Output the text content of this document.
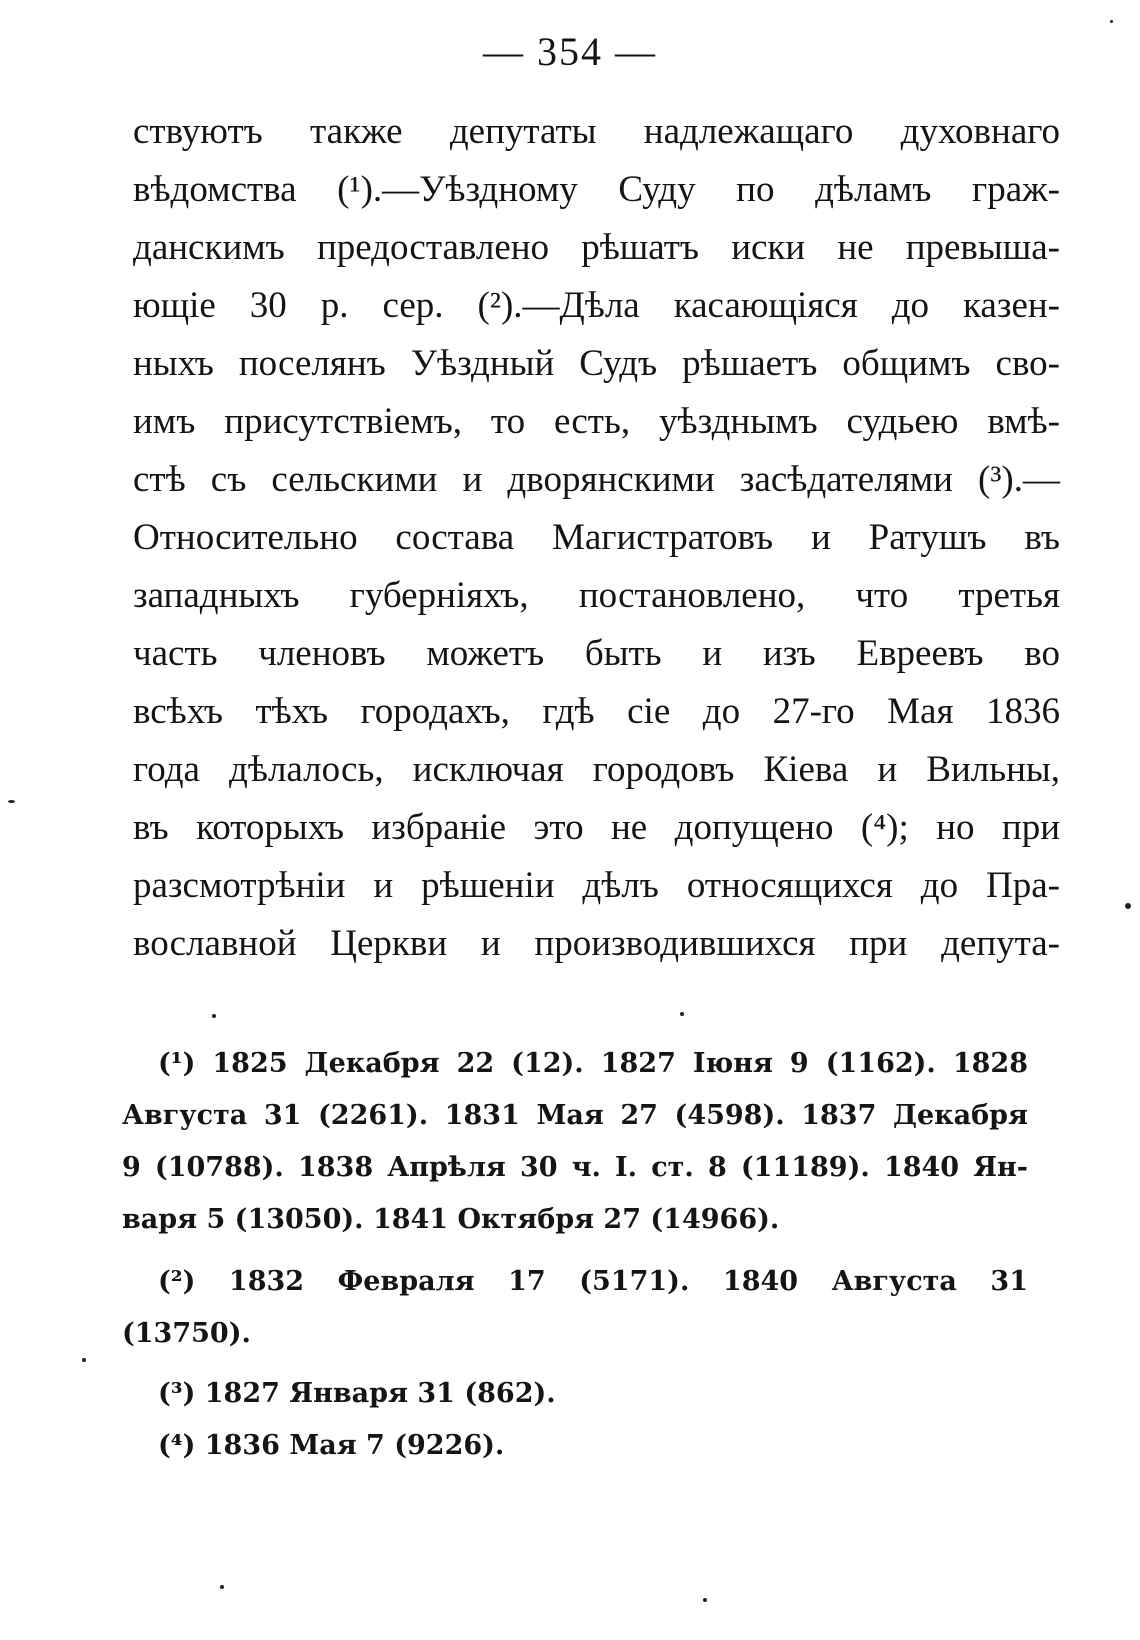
— 354 —
ствуютъ также депутаты надлежащаго духовнаго
вѣдомства (¹).—Уѣздному Суду по дѣламъ граж-
данскимъ предоставлено рѣшатъ иски не превыша-
ющіе 30 р. сер. (²).—Дѣла касающіяся до казен-
ныхъ поселянъ Уѣздный Судъ рѣшаетъ общимъ сво-
имъ присутствіемъ, то есть, уѣзднымъ судьею вмѣ-
стѣ съ сельскими и дворянскими засѣдателями (³).—
Относительно состава Магистратовъ и Ратушъ въ
западныхъ губерніяхъ, постановлено, что третья
часть членовъ можетъ быть и изъ Евреевъ во
всѣхъ тѣхъ городахъ, гдѣ сіе до 27-го Мая 1836
года дѣлалось, исключая городовъ Кіева и Вильны,
въ которыхъ избраніе это не допущено (⁴); но при
разсмотрѣніи и рѣшеніи дѣлъ относящихся до Пра-
вославной Церкви и производившихся при депута-
(¹) 1825 Декабря 22 (12). 1827 Іюня 9 (1162). 1828
Августа 31 (2261). 1831 Мая 27 (4598). 1837 Декабря
9 (10788). 1838 Апрѣля 30 ч. I. ст. 8 (11189). 1840 Ян-
варя 5 (13050). 1841 Октября 27 (14966).
(²) 1832 Февраля 17 (5171). 1840 Августа 31
(13750).
(³) 1827 Января 31 (862).
(⁴) 1836 Мая 7 (9226).
